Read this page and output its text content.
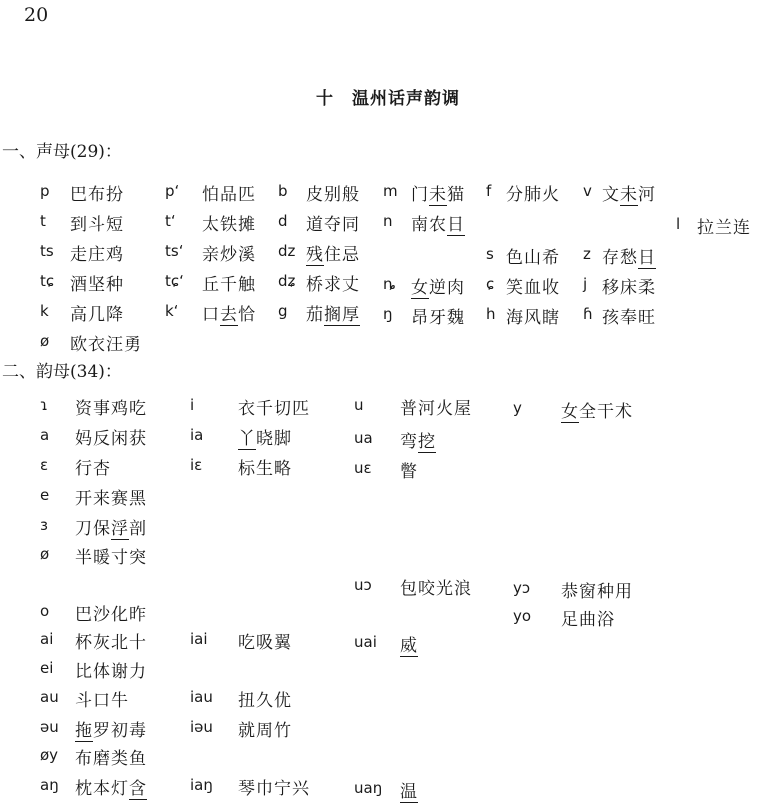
20
十　温州话声韵调
一、声母(29)：
p 巴布扮	p‘ 怕品匹 b 皮别般 m 门未猫 f 分肺火 v 文未河
t 到斗短	t‘ 太铁摊 d 道夺同 n 南农日	l 拉兰连
ts 走庄鸡	ts‘ 亲炒溪 dz 残住忌	s 色山希 z 存愁日
tɕ 酒坚种	tɕ‘ 丘千触 dʑ 桥求丈 ȵ 女逆肉 ɕ 笑血收 j 移床柔
k 高几降	k‘ 口去恰 g 茄搁厚 ŋ 昂牙魏 h 海风瞎 ɦ 孩奉旺
ø 欧衣汪勇
二、韵母(34)：
ɿ 资事鸡吃	i	衣千切匹	u 普河火屋	y 女全干术
a 妈反闲获	ia 丫晓脚	ua 弯挖
ɛ 行杏	iɛ 标生略	uɛ 瞥
e 开来赛黑
ɜ 刀保浮剖
ø 半暖寸突
uɔ 包咬光浪	yɔ 恭窗种用
o 巴沙化昨	yo 足曲浴
ai 杯灰北十	iai 吃吸翼	uai 威
ei 比体谢力
au 斗口牛	iau 扭久优
əu 拖罗初毒	iəu 就周竹
øy 布磨类鱼
aŋ 枕本灯含	iaŋ 琴巾宁兴	uaŋ 温
